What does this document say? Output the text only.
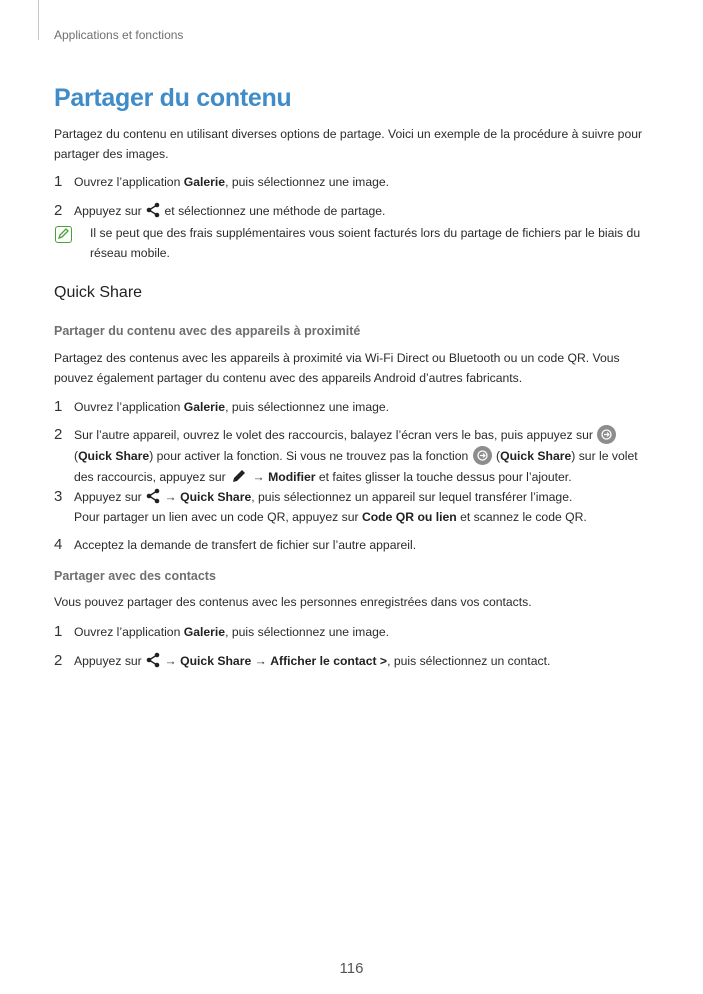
Applications et fonctions
Partager du contenu
Partagez du contenu en utilisant diverses options de partage. Voici un exemple de la procédure à suivre pour partager des images.
1 Ouvrez l’application Galerie, puis sélectionnez une image.
2 Appuyez sur  et sélectionnez une méthode de partage.
Il se peut que des frais supplémentaires vous soient facturés lors du partage de fichiers par le biais du réseau mobile.
Quick Share
Partager du contenu avec des appareils à proximité
Partagez des contenus avec les appareils à proximité via Wi-Fi Direct ou Bluetooth ou un code QR. Vous pouvez également partager du contenu avec des appareils Android d’autres fabricants.
1 Ouvrez l’application Galerie, puis sélectionnez une image.
2 Sur l’autre appareil, ouvrez le volet des raccourcis, balayez l’écran vers le bas, puis appuyez sur

(Quick Share) pour activer la fonction. Si vous ne trouvez pas la fonction
(Quick Share) sur le volet des raccourcis, appuyez sur  → Modifier et faites glisser la touche dessus pour l’ajouter.
3 Appuyez sur  → Quick Share, puis sélectionnez un appareil sur lequel transférer l’image.
Pour partager un lien avec un code QR, appuyez sur Code QR ou lien et scannez le code QR.
4 Acceptez la demande de transfert de fichier sur l’autre appareil.
Partager avec des contacts
Vous pouvez partager des contenus avec les personnes enregistrées dans vos contacts.
1 Ouvrez l’application Galerie, puis sélectionnez une image.
2 Appuyez sur  → Quick Share → Afficher le contact >, puis sélectionnez un contact.
116
